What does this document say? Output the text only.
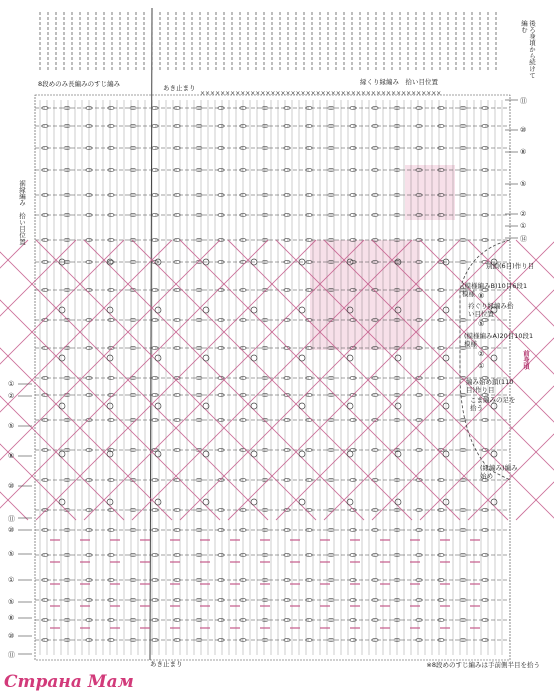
××××××××××××××××××××××××××××××××××××××××××××××××
後ろ身頃から続けて編む
8段めのみ長編みのすじ編み	あき止まり
縁くり縁編み　拾い目位置
裾縁編み　拾い目位置
別鎖(6目)作り目
(模様編みB)10目6段1模様
衿ぐり縁編み拾い目位置
(模様編みA)20目10段1模様
前身頃
編み始め鎖(110目)作り目
こま編みの足を拾う
(縁編み)編み始め
あき止まり	※8段めのすじ編みは手前側半目を拾う
⑪
⑩
⑧
⑤
②
①
⑭
⑧
⑤
②
①
①
②
⑤
⑧
⑩
⑪
⑩
⑤
①
⑤
⑧
⑩
⑪
Страна Мам
